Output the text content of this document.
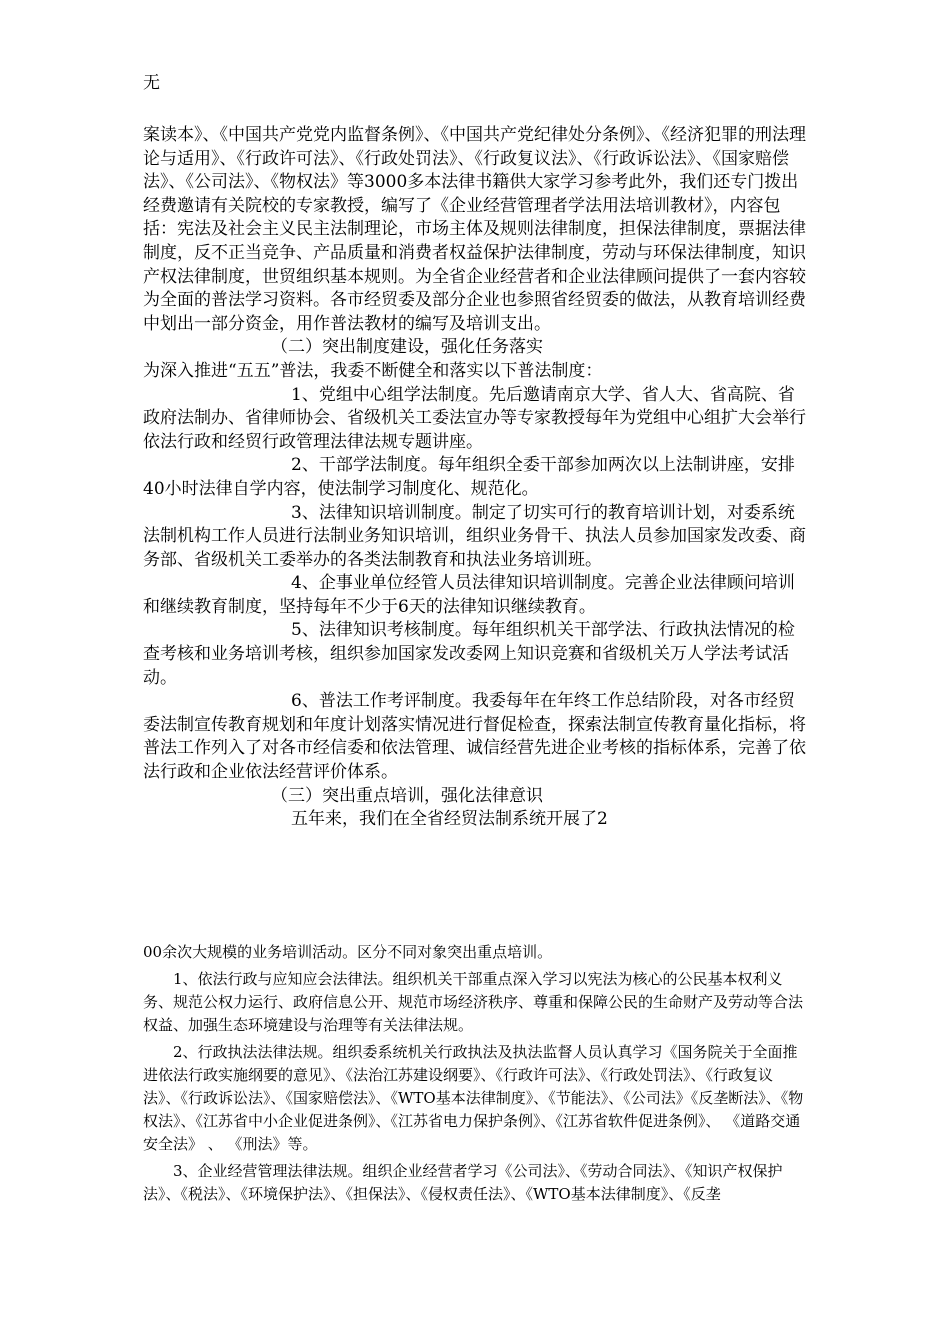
无

案读本》、《中国共产党党内监督条例》、《中国共产党纪律处分条例》、《经济犯罪的刑法理论与适用》、《行政许可法》、《行政处罚法》、《行政复议法》、《行政诉讼法》、《国家赔偿法》、《公司法》、《物权法》等3000多本法律书籍供大家学习参考此外，我们还专门拨出经费邀请有关院校的专家教授，编写了《企业经营管理者学法用法培训教材》，内容包括：宪法及社会主义民主法制理论，市场主体及规则法律制度，担保法律制度，票据法律制度，反不正当竞争、产品质量和消费者权益保护法律制度，劳动与环保法律制度，知识产权法律制度，世贸组织基本规则。为全省企业经营者和企业法律顾问提供了一套内容较为全面的普法学习资料。各市经贸委及部分企业也参照省经贸委的做法，从教育培训经费中划出一部分资金，用作普法教材的编写及培训支出。

（二）突出制度建设，强化任务落实

为深入推进“五五”普法，我委不断健全和落实以下普法制度：

1、党组中心组学法制度。先后邀请南京大学、省人大、省高院、省政府法制办、省律师协会、省级机关工委法宣办等专家教授每年为党组中心组扩大会举行依法行政和经贸行政管理法律法规专题讲座。

2、干部学法制度。每年组织全委干部参加两次以上法制讲座，安排40小时法律自学内容，使法制学习制度化、规范化。

3、法律知识培训制度。制定了切实可行的教育培训计划，对委系统法制机构工作人员进行法制业务知识培训，组织业务骨干、执法人员参加国家发改委、商务部、省级机关工委举办的各类法制教育和执法业务培训班。

4、企事业单位经管人员法律知识培训制度。完善企业法律顾问培训和继续教育制度，坚持每年不少于6天的法律知识继续教育。

5、法律知识考核制度。每年组织机关干部学法、行政执法情况的检查考核和业务培训考核，组织参加国家发改委网上知识竞赛和省级机关万人学法考试活动。

6、普法工作考评制度。我委每年在年终工作总结阶段，对各市经贸委法制宣传教育规划和年度计划落实情况进行督促检查，探索法制宣传教育量化指标，将普法工作列入了对各市经信委和依法管理、诚信经营先进企业考核的指标体系，完善了依法行政和企业依法经营评价体系。

（三）突出重点培训，强化法律意识

五年来，我们在全省经贸法制系统开展了2

00余次大规模的业务培训活动。区分不同对象突出重点培训。

1、依法行政与应知应会法律法。组织机关干部重点深入学习以宪法为核心的公民基本权利义务、规范公权力运行、政府信息公开、规范市场经济秩序、尊重和保障公民的生命财产及劳动等合法权益、加强生态环境建设与治理等有关法律法规。

2、行政执法法律法规。组织委系统机关行政执法及执法监督人员认真学习《国务院关于全面推进依法行政实施纲要的意见》、《法治江苏建设纲要》、《行政许可法》、《行政处罚法》、《行政复议法》、《行政诉讼法》、《国家赔偿法》、《WTO基本法律制度》、《节能法》、《公司法》《反垄断法》、《物权法》、《江苏省中小企业促进条例》、《江苏省电力保护条例》、《江苏省软件促进条例》、 《道路交通安全法》 、 《刑法》等。

3、企业经营管理法律法规。组织企业经营者学习《公司法》、《劳动合同法》、《知识产权保护法》、《税法》、《环境保护法》、《担保法》、《侵权责任法》、《WTO基本法律制度》、《反垄
